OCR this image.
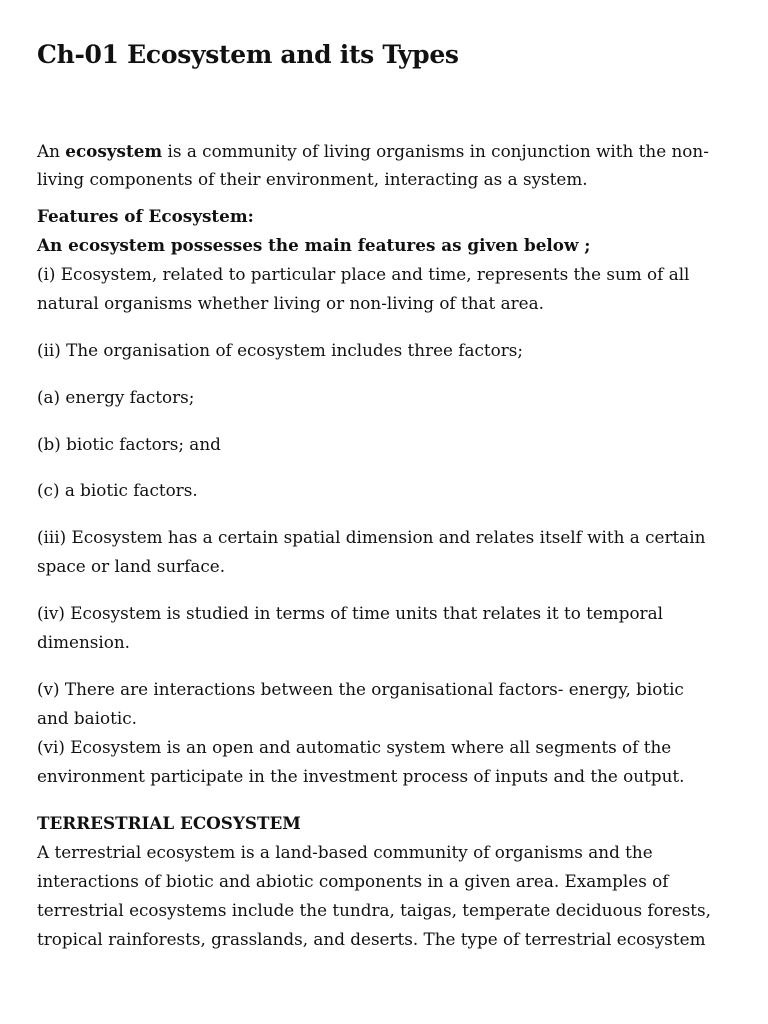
Ch-01 Ecosystem and its Types

An ecosystem is a community of living organisms in conjunction with the non-

living components of their environment, interacting as a system.

Features of Ecosystem:

An ecosystem possesses the main features as given below ;

(i) Ecosystem, related to particular place and time, represents the sum of all

natural organisms whether living or non-living of that area.

(ii) The organisation of ecosystem includes three factors;

(a) energy factors;

(b) biotic factors; and

(c) a biotic factors.

(iii) Ecosystem has a certain spatial dimension and relates itself with a certain

space or land surface.

(iv) Ecosystem is studied in terms of time units that relates it to temporal

dimension.

(v) There are interactions between the organisational factors- energy, biotic

and baiotic.

(vi) Ecosystem is an open and automatic system where all segments of the

environment participate in the investment process of inputs and the output.

TERRESTRIAL ECOSYSTEM

A terrestrial ecosystem is a land-based community of organisms and the

interactions of biotic and abiotic components in a given area. Examples of

terrestrial ecosystems include the tundra, taigas, temperate deciduous forests,

tropical rainforests, grasslands, and deserts. The type of terrestrial ecosystem
